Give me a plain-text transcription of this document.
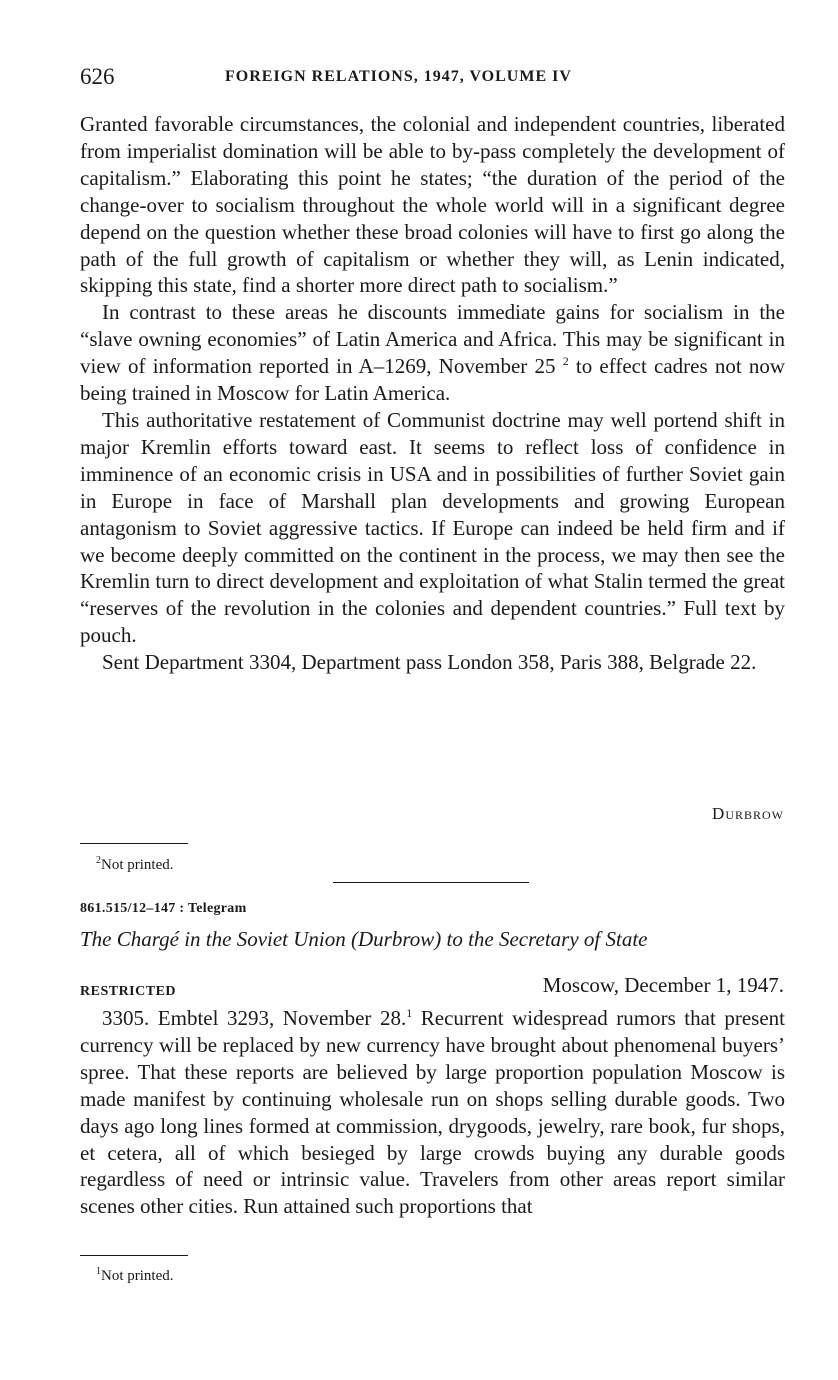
626	FOREIGN RELATIONS, 1947, VOLUME IV

Granted favorable circumstances, the colonial and independent countries, liberated from imperialist domination will be able to by-pass completely the development of capitalism.” Elaborating this point he states; “the duration of the period of the change-over to socialism throughout the whole world will in a significant degree depend on the question whether these broad colonies will have to first go along the path of the full growth of capitalism or whether they will, as Lenin indicated, skipping this state, find a shorter more direct path to socialism.”

In contrast to these areas he discounts immediate gains for socialism in the “slave owning economies” of Latin America and Africa. This may be significant in view of information reported in A–1269, November 25 $^2$ to effect cadres not now being trained in Moscow for Latin America.

This authoritative restatement of Communist doctrine may well portend shift in major Kremlin efforts toward east. It seems to reflect loss of confidence in imminence of an economic crisis in USA and in possibilities of further Soviet gain in Europe in face of Marshall plan developments and growing European antagonism to Soviet aggressive tactics. If Europe can indeed be held firm and if we become deeply committed on the continent in the process, we may then see the Kremlin turn to direct development and exploitation of what Stalin termed the great “reserves of the revolution in the colonies and dependent countries.” Full text by pouch.

Sent Department 3304, Department pass London 358, Paris 388, Belgrade 22.

Durbrow
$^2$Not printed.
861.515/12–147 : Telegram
The Chargé in the Soviet Union (Durbrow) to the Secretary of State
RESTRICTED	Moscow, December 1, 1947.

3305. Embtel 3293, November 28.$^1$ Recurrent widespread rumors that present currency will be replaced by new currency have brought about phenomenal buyers’ spree. That these reports are believed by large proportion population Moscow is made manifest by continuing wholesale run on shops selling durable goods. Two days ago long lines formed at commission, drygoods, jewelry, rare book, fur shops, et cetera, all of which besieged by large crowds buying any durable goods regardless of need or intrinsic value. Travelers from other areas report similar scenes other cities. Run attained such proportions that

$^1$Not printed.
